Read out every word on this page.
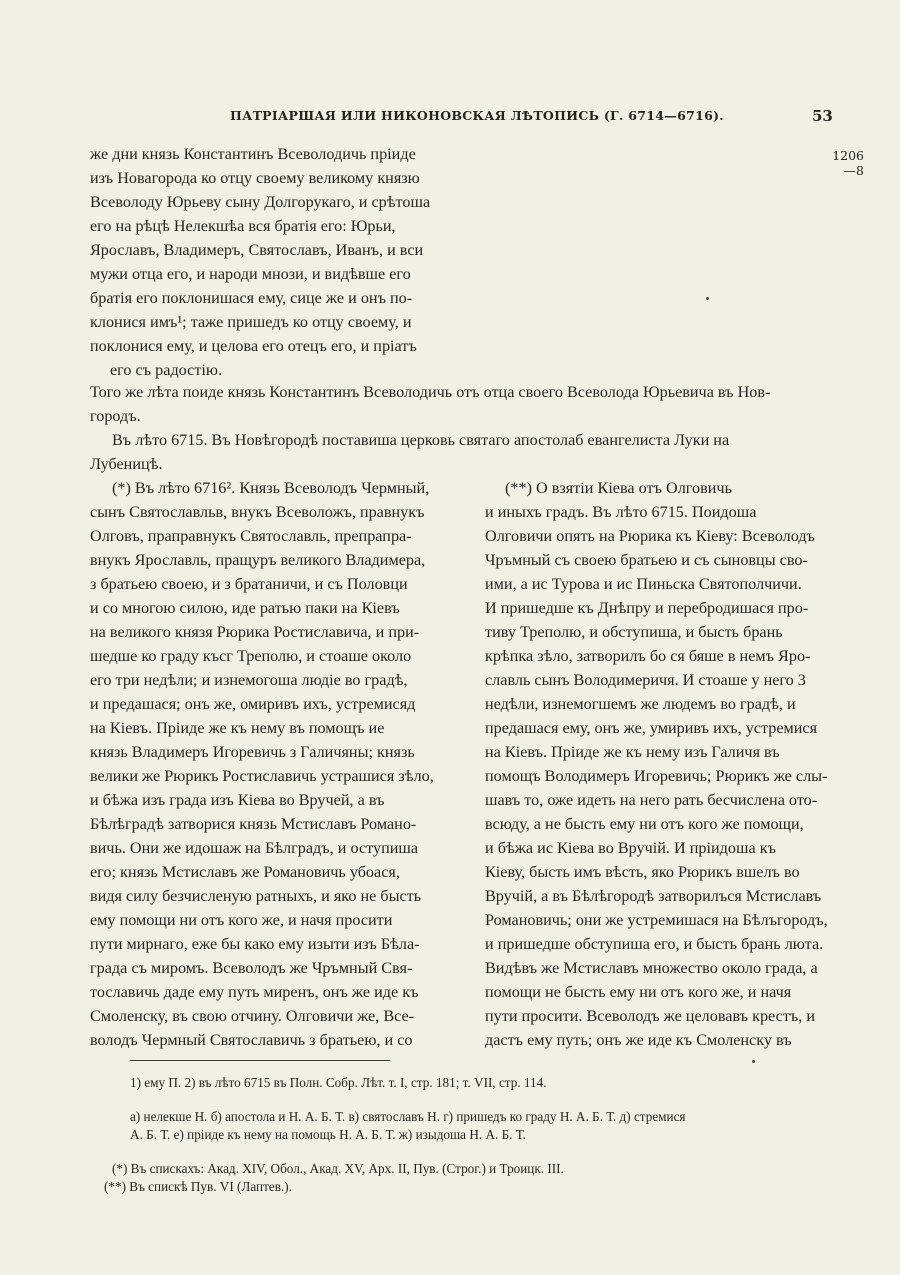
ПАТРІАРШАЯ ИЛИ НИКОНОВСКАЯ ЛѢТОПИСЬ (Г. 6714—6716).	53
1206
—8
же дни князь Константинъ Всеволодичь пріиде
изъ Новагорода ко отцу своему великому князю
Всеволоду Юрьеву сыну Долгорукаго, и срѣтоша
его на рѣцѣ Нелекшѣа вся братія его: Юрьи,
Ярославъ, Владимеръ, Святославъ, Иванъ, и вси
мужи отца его, и народи мнози, и видѣвше его
братія его поклонишася ему, сице же и онъ по-
клонися имъ¹; таже пришедъ ко отцу своему, и
поклонися ему, и целова его отецъ его, и пріатъ
его съ радостію.
Того же лѣта поиде князь Константинъ Всеволодичь отъ отца своего Всеволода Юрьевича въ Нов-
городъ.
Въ лѣто 6715. Въ Новѣгородѣ поставиша церковь святаго апостолаб евангелиста Луки на
Лубеницѣ.
(*) Въ лѣто 6716². Князь Всеволодъ Чермный,
сынъ Святославльв, внукъ Всеволожъ, правнукъ
Олговъ, праправнукъ Святославль, препрапра-
внукъ Ярославль, пращуръ великого Владимера,
з братьею своею, и з братаничи, и съ Половци
и со многою силою, иде ратью паки на Кіевъ
на великого князя Рюрика Ростиславича, и при-
шедше ко граду късг Треполю, и стоаше около
его три недѣли; и изнемогоша людіе во градѣ,
и предашася; онъ же, омиривъ ихъ, устремисяд
на Кіевъ. Пріиде же къ нему въ помощъ ие
князь Владимеръ Игоревичь з Галичяны; князь
велики же Рюрикъ Ростиславичь устрашися зѣло,
и бѣжа изъ града изъ Кіева во Вручей, а въ
Бѣлѣградѣ затворися князь Мстиславъ Романо-
вичь. Они же идошаж на Бѣлградъ, и оступиша
его; князь Мстиславъ же Романовичь убоася,
видя силу безчисленую ратныхъ, и яко не бысть
ему помощи ни отъ кого же, и начя просити
пути мирнаго, еже бы како ему изыти изъ Бѣла-
града съ миромъ. Всеволодъ же Чръмный Свя-
тославичь даде ему путь миренъ, онъ же иде къ
Смоленску, въ свою отчину. Олговичи же, Все-
володъ Чермный Святославичь з братьею, и со
(**) О взятіи Кіева отъ Олговичь
и иныхъ градъ. Въ лѣто 6715. Поидоша
Олговичи опять на Рюрика къ Кіеву: Всеволодъ
Чръмный съ своею братьею и съ сыновцы сво-
ими, а ис Турова и ис Пиньска Святополчичи.
И пришедше къ Днѣпру и перебродишася про-
тиву Треполю, и обступиша, и бысть брань
крѣпка зѣло, затворилъ бо ся бяше в немъ Яро-
славль сынъ Володимеричя. И стоаше у него 3
недѣли, изнемогшемъ же людемъ во градѣ, и
предашася ему, онъ же, умиривъ ихъ, устремися
на Кіевъ. Пріиде же къ нему изъ Галичя въ
помощъ Володимеръ Игоревичь; Рюрикъ же слы-
шавъ то, оже идеть на него рать бесчислена ото-
всюду, а не бысть ему ни отъ кого же помощи,
и бѣжа ис Кіева во Вручій. И пріидоша къ
Кіеву, бысть имъ вѣсть, яко Рюрикъ вшелъ во
Вручій, а въ Бѣлѣгородѣ затворилъся Мстиславъ
Романовичь; они же устремишася на Бѣлъгородъ,
и пришедше обступиша его, и бысть брань люта.
Видѣвъ же Мстиславъ множество около града, а
помощи не бысть ему ни отъ кого же, и начя
пути просити. Всеволодъ же целовавъ крестъ, и
дастъ ему путь; онъ же иде къ Смоленску въ
1) ему П. 2) въ лѣто 6715 въ Полн. Собр. Лѣт. т. I, стр. 181; т. VII, стр. 114.
а) нелекше Н. б) апостола и Н. А. Б. Т. в) святославъ Н. г) пришедъ ко граду Н. А. Б. Т. д) стремися
А. Б. Т. е) пріиде къ нему на помощь Н. А. Б. Т. ж) изыдоша Н. А. Б. Т.
(*) Въ спискахъ: Акад. XIV, Обол., Акад. XV, Арх. II, Пув. (Строг.) и Троицк. III.
(**) Въ спискѣ Пув. VI (Лаптев.).
